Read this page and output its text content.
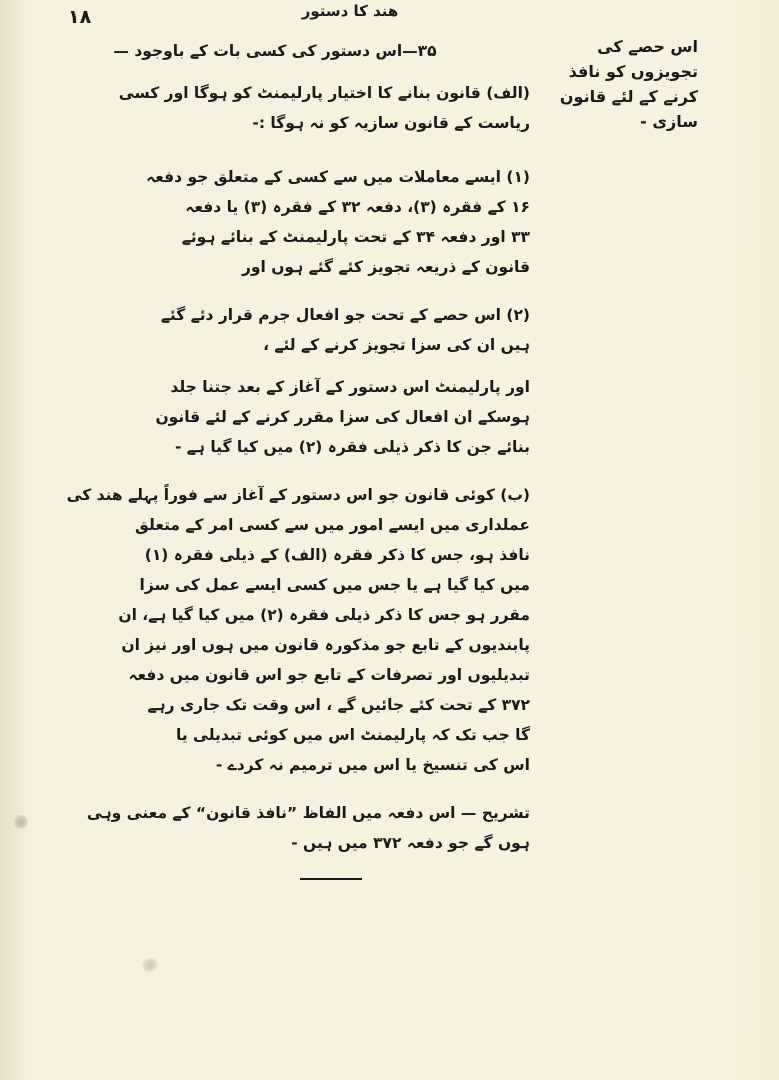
۱۸	ھند کا دستور
اس حصے کی
تجویزوں کو نافذ
کرنے کے لئے قانون
سازی -

۳۵—اس دستور کی کسی بات کے باوجود —

(الف) قانون بنانے کا اختیار پارلیمنٹ کو ہوگا اور کسی

ریاست کے قانون سازیہ کو نہ ہوگا :-

(۱) ایسے معاملات میں سے کسی کے متعلق جو دفعہ

۱۶ کے فقرہ (۳)، دفعہ ۳۲ کے فقرہ (۳) یا دفعہ

۳۳ اور دفعہ ۳۴ کے تحت پارلیمنٹ کے بنائے ہوئے

قانون کے ذریعہ تجویز کئے گئے ہوں اور

(۲) اس حصے کے تحت جو افعال جرم قرار دئے گئے

ہیں ان کی سزا تجویز کرنے کے لئے ،

اور پارلیمنٹ اس دستور کے آغاز کے بعد جتنا جلد

ہوسکے ان افعال کی سزا مقرر کرنے کے لئے قانون

بنائے جن کا ذکر ذیلی فقرہ (۲) میں کیا گیا ہے -

(ب) کوئی قانون جو اس دستور کے آغاز سے فوراً پہلے ھند کی

عملداری میں ایسے امور میں سے کسی امر کے متعلق

نافذ ہو، جس کا ذکر فقرہ (الف) کے ذیلی فقرہ (۱)

میں کیا گیا ہے یا جس میں کسی ایسے عمل کی سزا

مقرر ہو جس کا ذکر ذیلی فقرہ (۲) میں کیا گیا ہے، ان

پابندیوں کے تابع جو مذکورہ قانون میں ہوں اور نیز ان

تبدیلیوں اور تصرفات کے تابع جو اس قانون میں دفعہ

۳۷۲ کے تحت کئے جائیں گے ، اس وقت تک جاری رہے

گا جب تک کہ پارلیمنٹ اس میں کوئی تبدیلی یا

اس کی تنسیخ یا اس میں ترمیم نہ کردے -

تشریح — اس دفعہ میں الفاظ ”نافذ قانون“ کے معنی وہی

ہوں گے جو دفعہ ۳۷۲ میں ہیں -
